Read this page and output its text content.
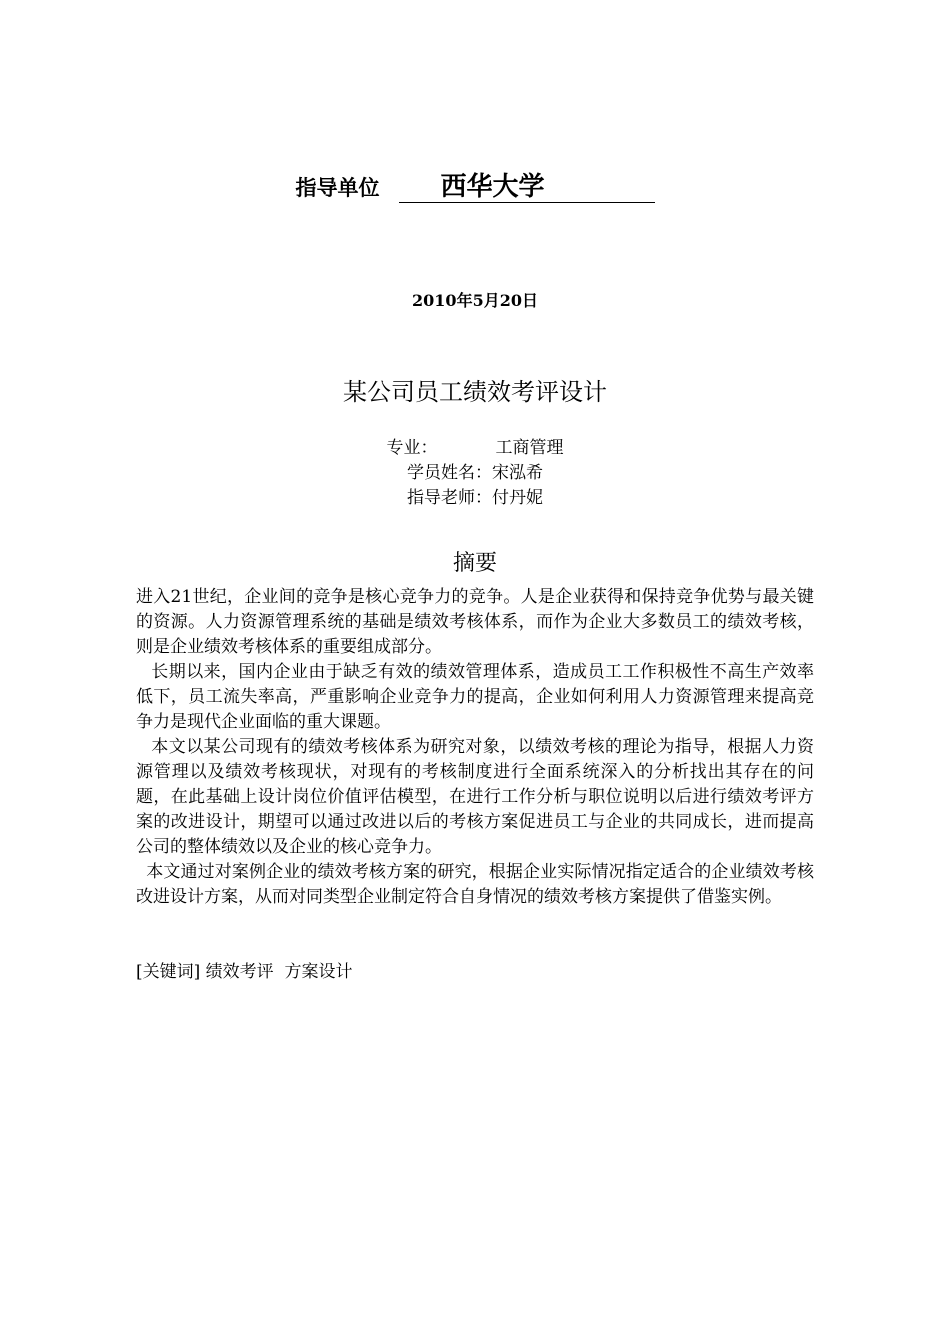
指导单位 西华大学
2010年5月20日
某公司员工绩效考评设计
专业：	工商管理
学员姓名：宋泓希
指导老师：付丹妮
摘要

进入21世纪，企业间的竞争是核心竞争力的竞争。人是企业获得和保持竞争优势与最关键的资源。人力资源管理系统的基础是绩效考核体系，而作为企业大多数员工的绩效考核，则是企业绩效考核体系的重要组成部分。

长期以来，国内企业由于缺乏有效的绩效管理体系，造成员工工作积极性不高生产效率低下，员工流失率高，严重影响企业竞争力的提高，企业如何利用人力资源管理来提高竞争力是现代企业面临的重大课题。

本文以某公司现有的绩效考核体系为研究对象，以绩效考核的理论为指导，根据人力资源管理以及绩效考核现状，对现有的考核制度进行全面系统深入的分析找出其存在的问题，在此基础上设计岗位价值评估模型，在进行工作分析与职位说明以后进行绩效考评方案的改进设计，期望可以通过改进以后的考核方案促进员工与企业的共同成长，进而提高公司的整体绩效以及企业的核心竞争力。

本文通过对案例企业的绩效考核方案的研究，根据企业实际情况指定适合的企业绩效考核改进设计方案，从而对同类型企业制定符合自身情况的绩效考核方案提供了借鉴实例。

[关键词] 绩效考评  方案设计
